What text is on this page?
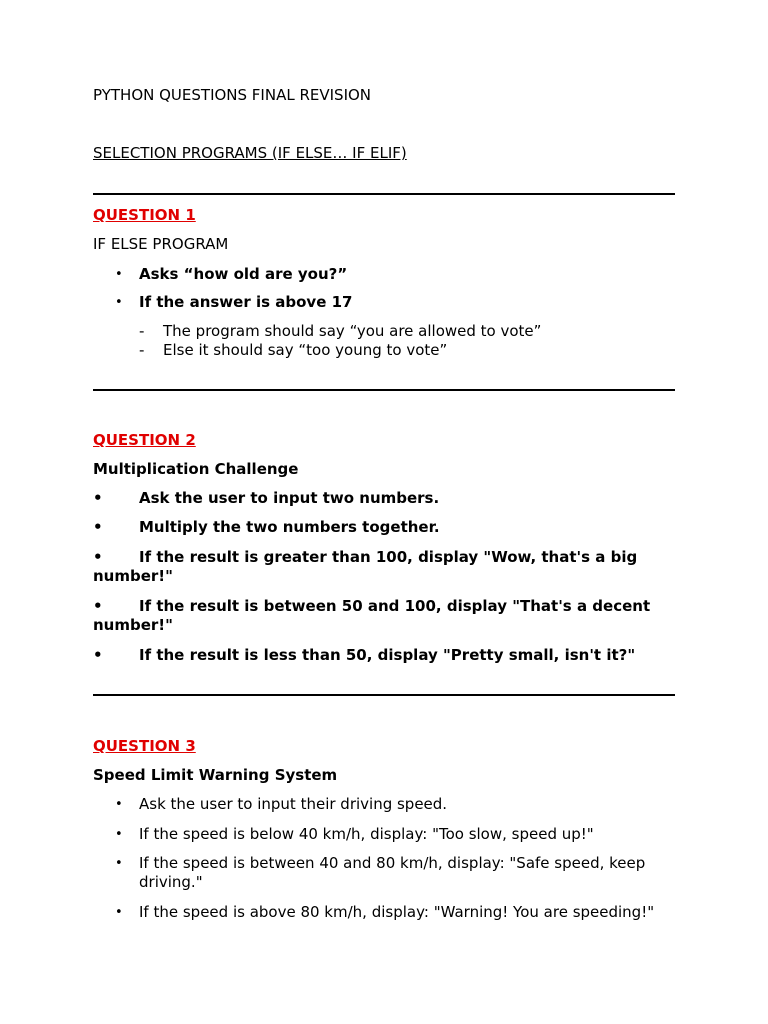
PYTHON QUESTIONS FINAL REVISION
SELECTION PROGRAMS (IF ELSE… IF ELIF)
QUESTION 1
IF ELSE PROGRAM
• Asks “how old are you?”
• If the answer is above 17
- The program should say “you are allowed to vote”
- Else it should say “too young to vote”
QUESTION 2
Multiplication Challenge
• Ask the user to input two numbers.
• Multiply the two numbers together.
• If the result is greater than 100, display "Wow, that's a big number!"
• If the result is between 50 and 100, display "That's a decent number!"
• If the result is less than 50, display "Pretty small, isn't it?"
QUESTION 3
Speed Limit Warning System
• Ask the user to input their driving speed.
• If the speed is below 40 km/h, display: "Too slow, speed up!"
• If the speed is between 40 and 80 km/h, display: "Safe speed, keep driving."
• If the speed is above 80 km/h, display: "Warning! You are speeding!"
